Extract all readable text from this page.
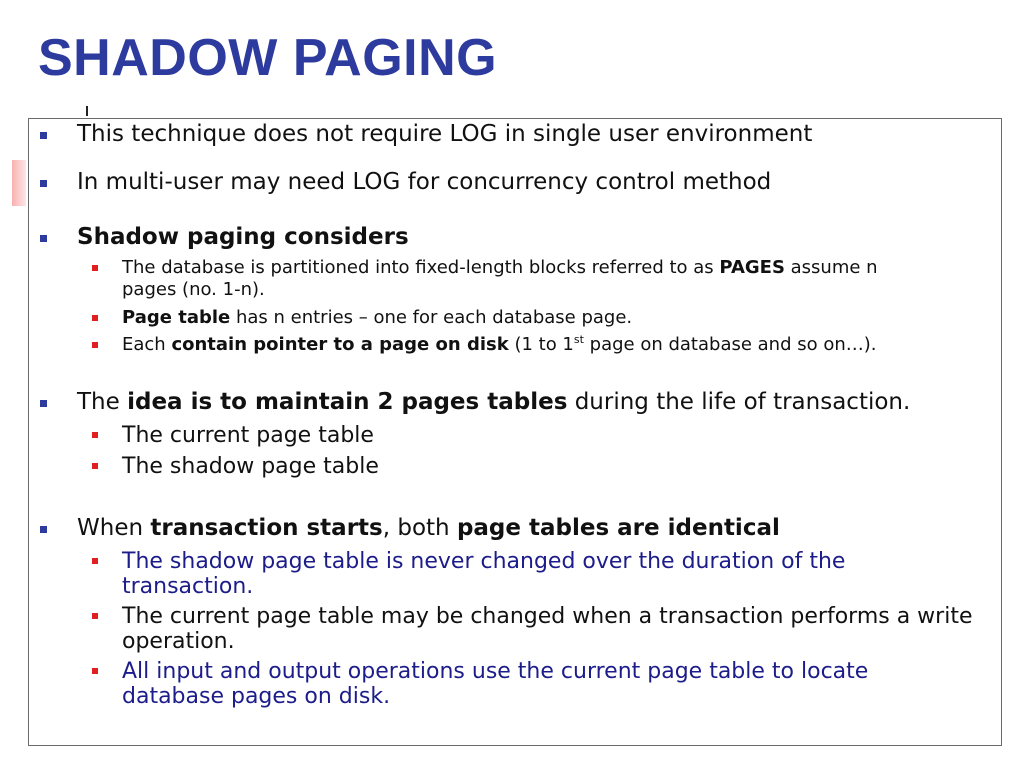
SHADOW PAGING
This technique does not require LOG in single user environment
In multi-user may need LOG for concurrency control method
Shadow paging considers
The database is partitioned into fixed-length blocks referred to as PAGES assume n
pages (no. 1-n).
Page table has n entries – one for each database page.
Each contain pointer to a page on disk (1 to 1st page on database and so on…).
The idea is to maintain 2 pages tables during the life of transaction.
The current page table
The shadow page table
When transaction starts, both page tables are identical
The shadow page table is never changed over the duration of the
transaction.
The current page table may be changed when a transaction performs a write
operation.
All input and output operations use the current page table to locate
database pages on disk.
